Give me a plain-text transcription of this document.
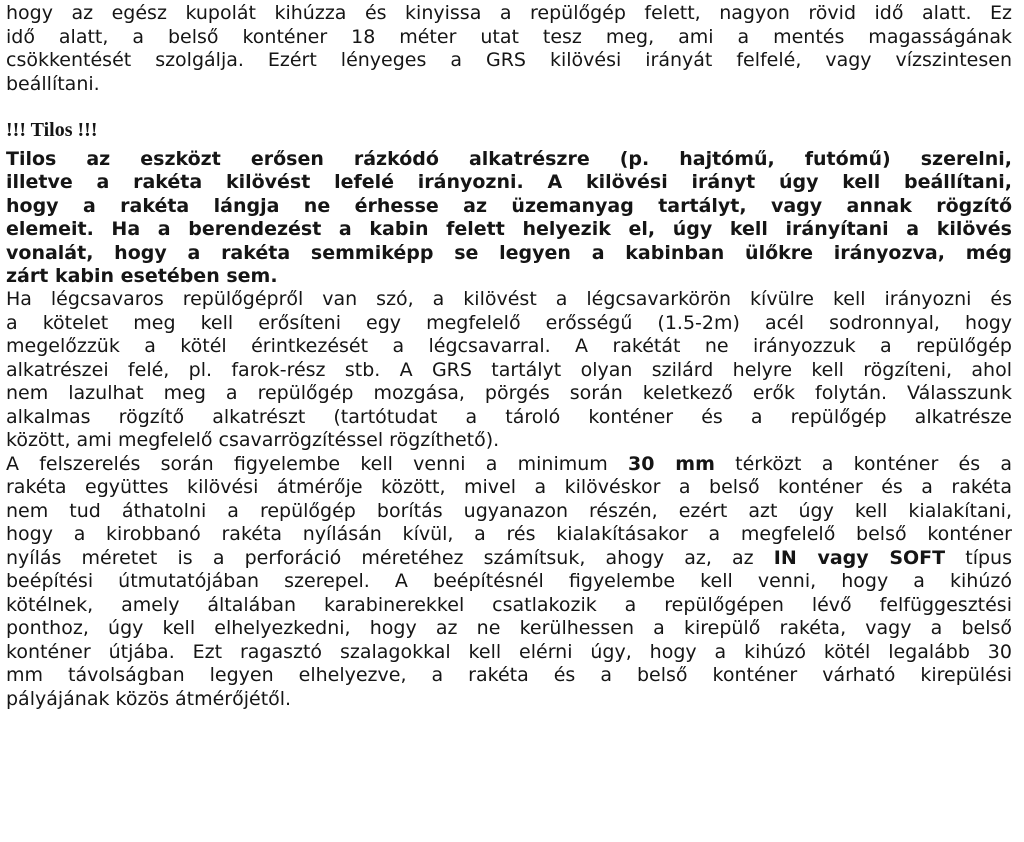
hogy az egész kupolát kihúzza és kinyissa a repülőgép felett, nagyon rövid idő alatt. Ez
idő alatt, a belső konténer 18 méter utat tesz meg, ami a mentés magasságának
csökkentését szolgálja. Ezért lényeges a GRS kilövési irányát felfelé, vagy vízszintesen
beállítani.
!!! Tilos !!!
Tilos az eszközt erősen rázkódó alkatrészre (p. hajtómű, futómű) szerelni,
illetve a rakéta kilövést lefelé irányozni. A kilövési irányt úgy kell beállítani,
hogy a rakéta lángja ne érhesse az üzemanyag tartályt, vagy annak rögzítő
elemeit. Ha a berendezést a kabin felett helyezik el, úgy kell irányítani a kilövés
vonalát, hogy a rakéta semmiképp se legyen a kabinban ülőkre irányozva, még
zárt kabin esetében sem.
Ha légcsavaros repülőgépről van szó, a kilövést a légcsavarkörön kívülre kell irányozni és
a kötelet meg kell erősíteni egy megfelelő erősségű (1.5-2m) acél sodronnyal, hogy
megelőzzük a kötél érintkezését a légcsavarral. A rakétát ne irányozzuk a repülőgép
alkatrészei felé, pl. farok-rész stb. A GRS tartályt olyan szilárd helyre kell rögzíteni, ahol
nem lazulhat meg a repülőgép mozgása, pörgés során keletkező erők folytán. Válasszunk
alkalmas rögzítő alkatrészt (tartótudat a tároló konténer és a repülőgép alkatrésze
között, ami megfelelő csavarrögzítéssel rögzíthető).
A felszerelés során figyelembe kell venni a minimum 30 mm térközt a konténer és a
rakéta együttes kilövési átmérője között, mivel a kilövéskor a belső konténer és a rakéta
nem tud áthatolni a repülőgép borítás ugyanazon részén, ezért azt úgy kell kialakítani,
hogy a kirobbanó rakéta nyílásán kívül, a rés kialakításakor a megfelelő belső konténer
nyílás méretet is a perforáció méretéhez számítsuk, ahogy az, az IN vagy SOFT típus
beépítési útmutatójában szerepel. A beépítésnél figyelembe kell venni, hogy a kihúzó
kötélnek, amely általában karabinerekkel csatlakozik a repülőgépen lévő felfüggesztési
ponthoz, úgy kell elhelyezkedni, hogy az ne kerülhessen a kirepülő rakéta, vagy a belső
konténer útjába. Ezt ragasztó szalagokkal kell elérni úgy, hogy a kihúzó kötél legalább 30
mm távolságban legyen elhelyezve, a rakéta és a belső konténer várható kirepülési
pályájának közös átmérőjétől.
